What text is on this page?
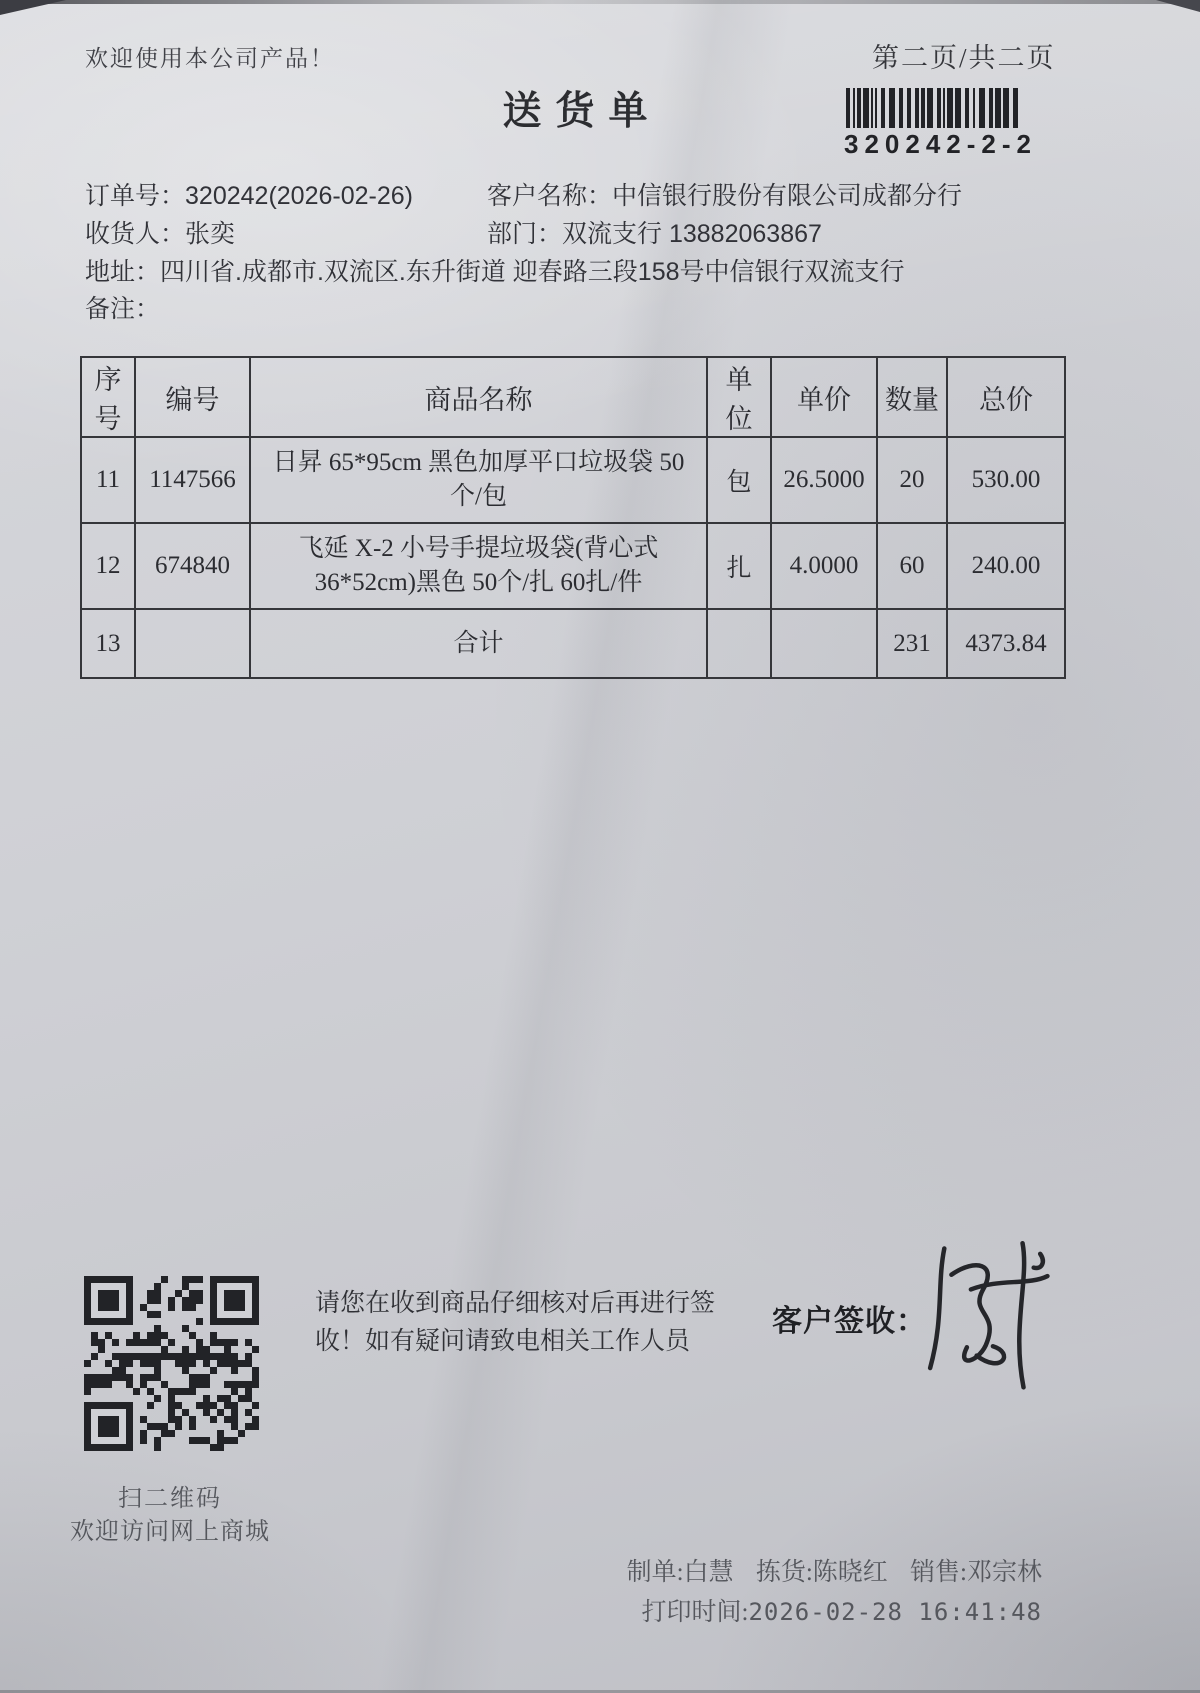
欢迎使用本公司产品！	第二页/共二页
送货单
320242-2-2
订单号：320242(2026-02-26)	客户名称：中信银行股份有限公司成都分行
收货人：张奕	部门：双流支行 13882063867
地址：四川省.成都市.双流区.东升街道 迎春路三段158号中信银行双流支行
备注：
序号	编号	商品名称	单位	单价	数量	总价
11	1147566	日昇 65*95cm 黑色加厚平口垃圾袋 50个/包	包	26.5000	20	530.00
12	674840	飞延 X-2 小号手提垃圾袋(背心式 36*52cm)黑色 50个/扎 60扎/件	扎	4.0000	60	240.00
13		合计			231	4373.84
扫二维码
欢迎访问网上商城
请您在收到商品仔细核对后再进行签
收！如有疑问请致电相关工作人员
客户签收：
制单:白慧 拣货:陈晓红 销售:邓宗林
打印时间:2026-02-28 16:41:48
